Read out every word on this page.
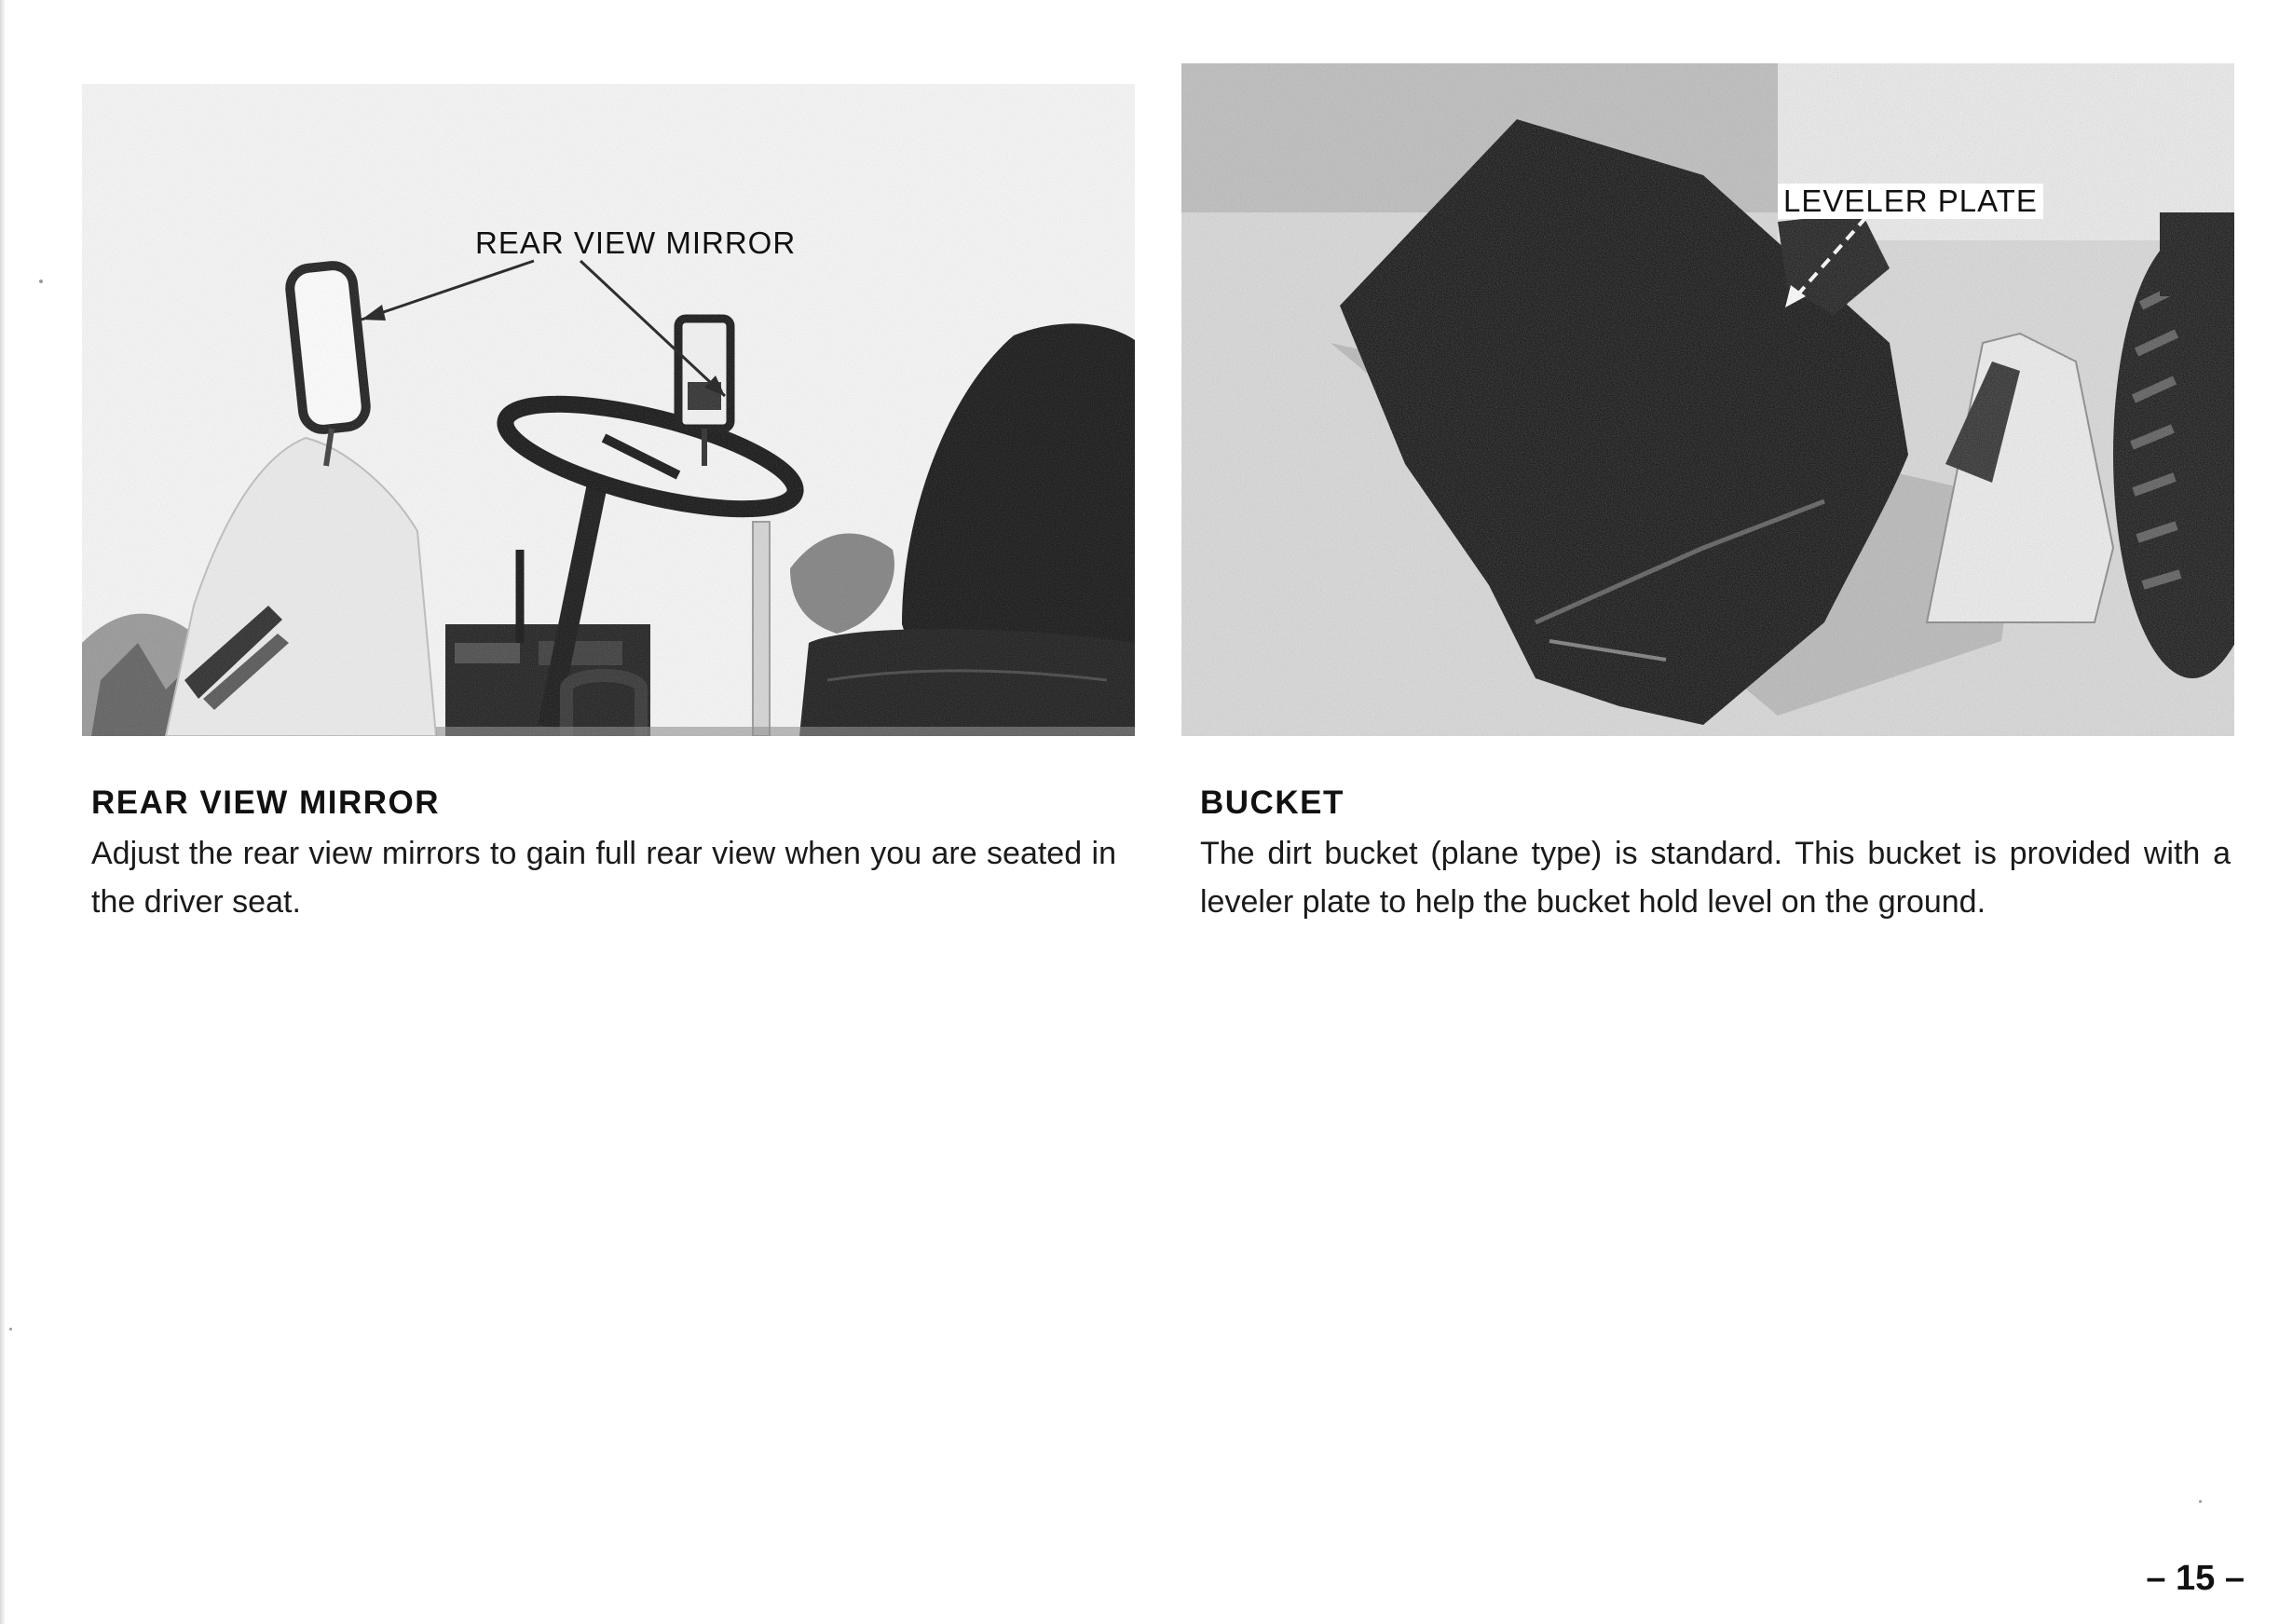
REAR VIEW MIRROR
LEVELER PLATE
REAR VIEW MIRROR

Adjust the rear view mirrors to gain full rear view when you are seated in the driver seat.

BUCKET

The dirt bucket (plane type) is standard. This bucket is provided with a leveler plate to help the bucket hold level on the ground.

– 15 –
